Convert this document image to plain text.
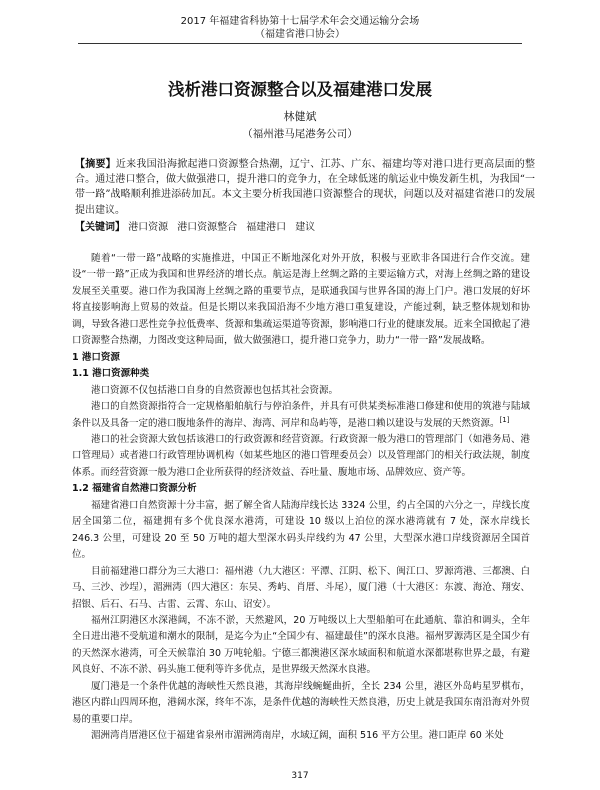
2017 年福建省科协第十七届学术年会交通运输分会场
（福建省港口协会）
浅析港口资源整合以及福建港口发展
林健斌
（福州港马尾港务公司）

【摘要】近来我国沿海掀起港口资源整合热潮，辽宁、江苏、广东、福建均等对港口进行更高层面的整合。通过港口整合，做大做强港口，提升港口的竞争力，在全球低迷的航运业中焕发新生机，为我国“一带一路”战略顺利推进添砖加瓦。本文主要分析我国港口资源整合的现状，问题以及对福建省港口的发展提出建议。

【关键词】 港口资源 港口资源整合 福建港口 建议

随着“一带一路”战略的实施推进，中国正不断地深化对外开放，积极与亚欧非各国进行合作交流。建设“一带一路”正成为我国和世界经济的增长点。航运是海上丝绸之路的主要运输方式，对海上丝绸之路的建设发展至关重要。港口作为我国海上丝绸之路的重要节点，是联通我国与世界各国的海上门户。港口发展的好坏将直接影响海上贸易的效益。但是长期以来我国沿海不少地方港口重复建设，产能过剩，缺乏整体规划和协调，导致各港口恶性竞争拉低费率、货源和集疏运渠道等资源，影响港口行业的健康发展。近来全国掀起了港口资源整合热潮，力图改变这种局面，做大做强港口，提升港口竞争力，助力“一带一路”发展战略。

1 港口资源
1.1 港口资源种类

港口资源不仅包括港口自身的自然资源也包括其社会资源。

港口的自然资源指符合一定规格船舶航行与停泊条件，并具有可供某类标准港口修建和使用的筑港与陆域条件以及具备一定的港口腹地条件的海岸、海湾、河岸和岛屿等，是港口赖以建设与发展的天然资源。[1]

港口的社会资源大致包括该港口的行政资源和经营资源。行政资源一般为港口的管理部门（如港务局、港口管理局）或者港口行政管理协调机构（如某些地区的港口管理委员会）以及管理部门的相关行政法规，制度体系。而经营资源一般为港口企业所获得的经济效益、吞吐量、腹地市场、品牌效应、资产等。

1.2 福建省自然港口资源分析

福建省港口自然资源十分丰富，据了解全省人陆海岸线长达 3324 公里，约占全国的六分之一，岸线长度居全国第二位，福建拥有多个优良深水港湾，可建设 10 级以上泊位的深水港湾就有 7 处，深水岸线长 246.3 公里，可建设 20 至 50 万吨的超大型深水码头岸线约为 47 公里，大型深水港口岸线资源居全国首位。

目前福建港口群分为三大港口：福州港（九大港区：平潭、江阴、松下、闽江口、罗源湾港、三都澳、白马、三沙、沙埕），湄洲湾（四大港区：东吴、秀屿、肖厝、斗尾），厦门港（十大港区：东渡、海沧、翔安、招银、后石、石马、古雷、云霄、东山、诏安）。

福州江阴港区水深港阔，不冻不淤，天然避风，20 万吨级以上大型船舶可在此通航、靠泊和调头，全年全日进出港不受航道和潮水的限制，是迄今为止“全国少有、福建最佳”的深水良港。福州罗源湾区是全国少有的天然深水港湾，可全天候靠泊 30 万吨轮船。宁德三都澳港区深水域面积和航道水深都堪称世界之最，有避风良好、不冻不淤、码头施工便利等许多优点，是世界级天然深水良港。

厦门港是一个条件优越的海峡性天然良港，其海岸线蜿蜒曲折，全长 234 公里，港区外岛屿星罗棋布，港区内群山四周环抱，港阔水深，终年不冻，是条件优越的海峡性天然良港，历史上就是我国东南沿海对外贸易的重要口岸。

湄洲湾肖厝港区位于福建省泉州市湄洲湾南岸，水域辽阔，面积 516 平方公里。港口距岸 60 米处

317
